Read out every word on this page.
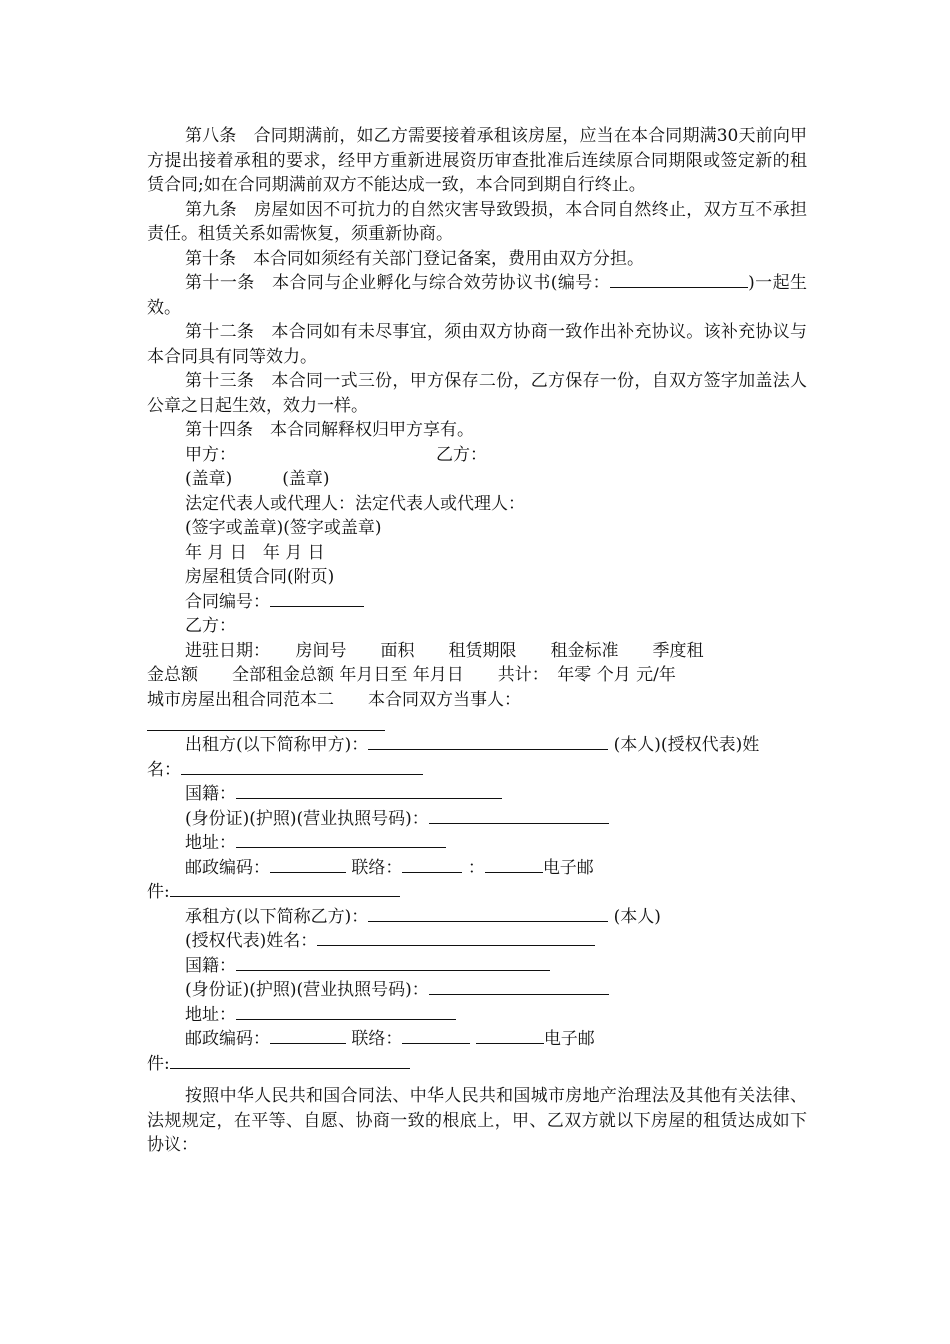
第八条　合同期满前，如乙方需要接着承租该房屋，应当在本合同期满30天前向甲方提出接着承租的要求，经甲方重新进展资历审查批准后连续原合同期限或签定新的租赁合同;如在合同期满前双方不能达成一致，本合同到期自行终止。

第九条　房屋如因不可抗力的自然灾害导致毁损，本合同自然终止，双方互不承担责任。租赁关系如需恢复，须重新协商。

第十条　本合同如须经有关部门登记备案，费用由双方分担。

第十一条　本合同与企业孵化与综合效劳协议书(编号：	)一起生效。

第十二条　本合同如有未尽事宜，须由双方协商一致作出补充协议。该补充协议与本合同具有同等效力。

第十三条　本合同一式三份，甲方保存二份，乙方保存一份，自双方签字加盖法人公章之日起生效，效力一样。

第十四条　本合同解释权归甲方享有。

甲方：	乙方：

(盖章)	(盖章)

法定代表人或代理人：法定代表人或代理人：

(签字或盖章)(签字或盖章)

年 月 日 年 月 日

房屋租赁合同(附页)

合同编号：

乙方：

进驻日期：　　房间号　　面积　　租赁期限　　租金标准　　季度租

金总额　　全部租金总额 年月日至 年月日　　共计：　年零 个月 元/年

城市房屋出租合同范本二 本合同双方当事人：

出租方(以下简称甲方)：	(本人)(授权代表)姓

名：

国籍：

(身份证)(护照)(营业执照号码)：

地址：

邮政编码：	联络：	：	电子邮

件:

承租方(以下简称乙方)：	(本人)

(授权代表)姓名：

国籍：

(身份证)(护照)(营业执照号码)：

地址：

邮政编码：	联络：	电子邮

件:

按照中华人民共和国合同法、中华人民共和国城市房地产治理法及其他有关法律、法规规定，在平等、自愿、协商一致的根底上，甲、乙双方就以下房屋的租赁达成如下协议：
